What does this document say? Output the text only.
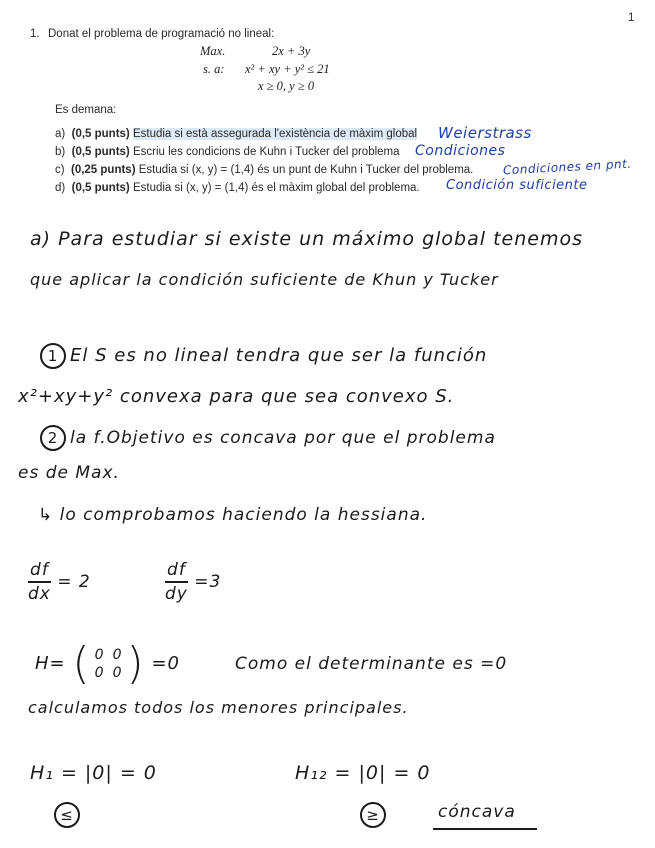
1
1. Donat el problema de programació no lineal:
Max.	2x + 3y
s. a: x² + xy + y² ≤ 21
x ≥ 0, y ≥ 0
Es demana:
a) (0,5 punts) Estudia si està assegurada l'existència de màxim global Weierstrass
b) (0,5 punts) Escriu les condicions de Kuhn i Tucker del problema Condiciones
c) (0,25 punts) Estudia si (x, y) = (1,4) és un punt de Kuhn i Tucker del problema. Condiciones en pnt.
d) (0,5 punts) Estudia si (x, y) = (1,4) és el màxim global del problema. Condición suficiente
a) Para estudiar si existe un máximo global tenemos
que aplicar la condición suficiente de Khun y Tucker
1 El S es no lineal tendra que ser la función
x²+xy+y² convexa para que sea convexo S.
2 la f.Objetivo es concava por que el problema
es de Max.
↳ lo comprobamos haciendo la hessiana.
$\frac{df}{dx} = 2$	$\frac{df}{dy} =3$
H= ( 0 0
0 0 ) =0	Como el determinante es =0
calculamos todos los menores principales.
H₁ = |0| = 0	H₁₂ = |0| = 0
≤	≥	cóncava
